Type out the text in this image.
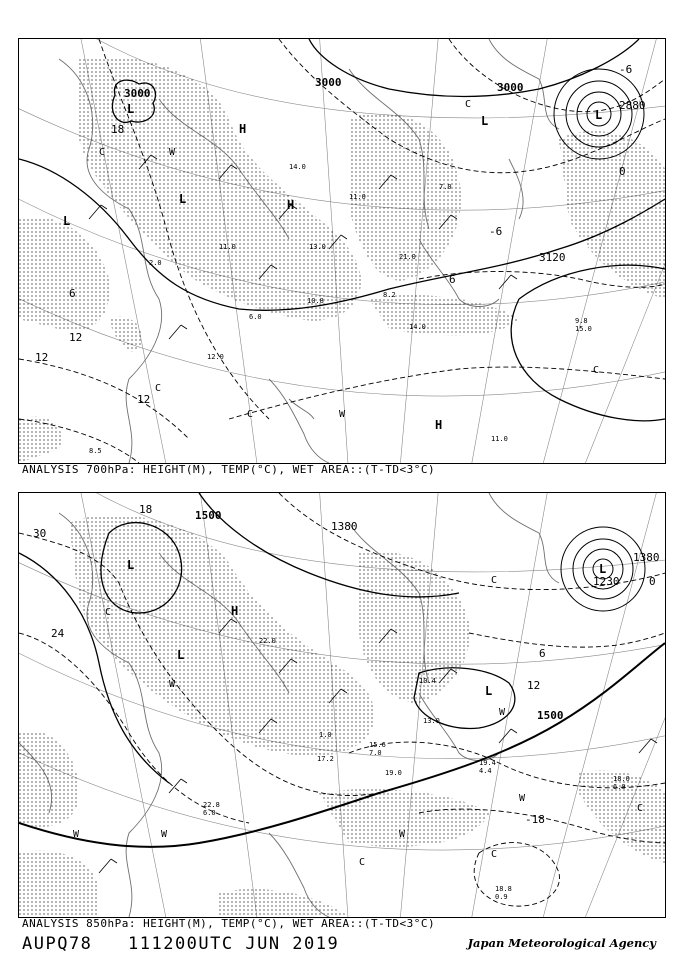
3000
3000	3000
2880
3120
18
12
12
12
-6
-6
0
6
6
L
L
L
L
L
H
H
H
C
C
C
C
C
W
W
11.0
14.0
10.8
14.0
8.2
15.0
9.8
13.0
12.0
8.5
11.0
6.0
21.0
7.0
11.0
2.0
ANALYSIS 700hPa: HEIGHT(M), TEMP(°C), WET AREA::(T-TD<3°C)
1500
1380
1380
1500
1230
30
18
24
-18
0
6
12
L
L
L
L
H
C
C
C
C
C
W
W
W
W	W	W
18.0
6.0
18.8
0.9
19.4
4.4
15.6
7.0
17.2
19.0
22.8
6.0
10.4
1.0
13.0
22.0
ANALYSIS 850hPa: HEIGHT(M), TEMP(°C), WET AREA::(T-TD<3°C)
AUPQ78 111200UTC JUN 2019	Japan Meteorological Agency
